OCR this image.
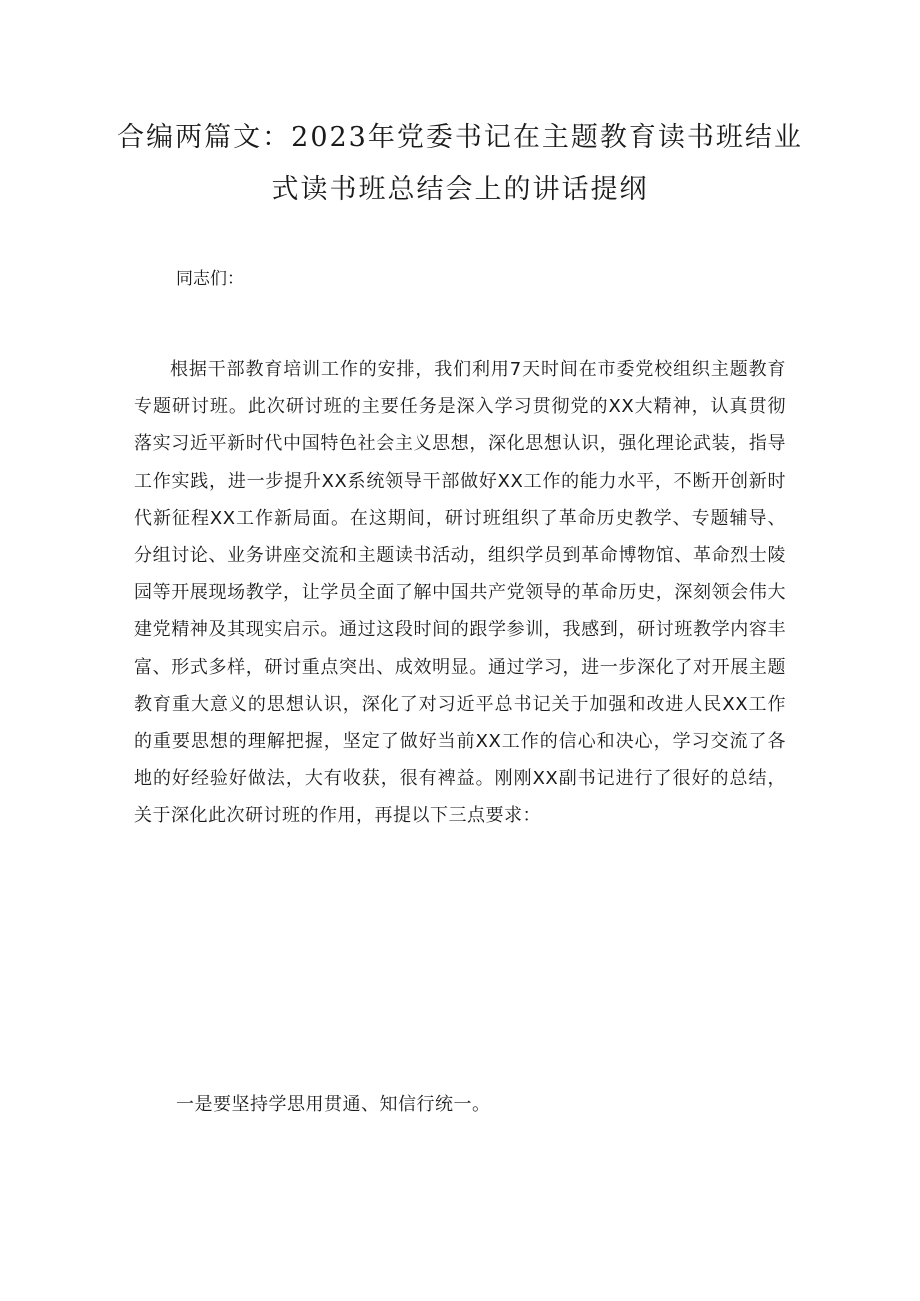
合编两篇文：2023年党委书记在主题教育读书班结业
式读书班总结会上的讲话提纲

同志们：

根据干部教育培训工作的安排，我们利用7天时间在市委党校组织主题教育专题研讨班。此次研讨班的主要任务是深入学习贯彻党的XX大精神，认真贯彻落实习近平新时代中国特色社会主义思想，深化思想认识，强化理论武装，指导工作实践，进一步提升XX系统领导干部做好XX工作的能力水平，不断开创新时代新征程XX工作新局面。在这期间，研讨班组织了革命历史教学、专题辅导、分组讨论、业务讲座交流和主题读书活动，组织学员到革命博物馆、革命烈士陵园等开展现场教学，让学员全面了解中国共产党领导的革命历史，深刻领会伟大建党精神及其现实启示。通过这段时间的跟学参训，我感到，研讨班教学内容丰富、形式多样，研讨重点突出、成效明显。通过学习，进一步深化了对开展主题教育重大意义的思想认识，深化了对习近平总书记关于加强和改进人民XX工作的重要思想的理解把握，坚定了做好当前XX工作的信心和决心，学习交流了各地的好经验好做法，大有收获，很有裨益。刚刚XX副书记进行了很好的总结，关于深化此次研讨班的作用，再提以下三点要求：

一是要坚持学思用贯通、知信行统一。
